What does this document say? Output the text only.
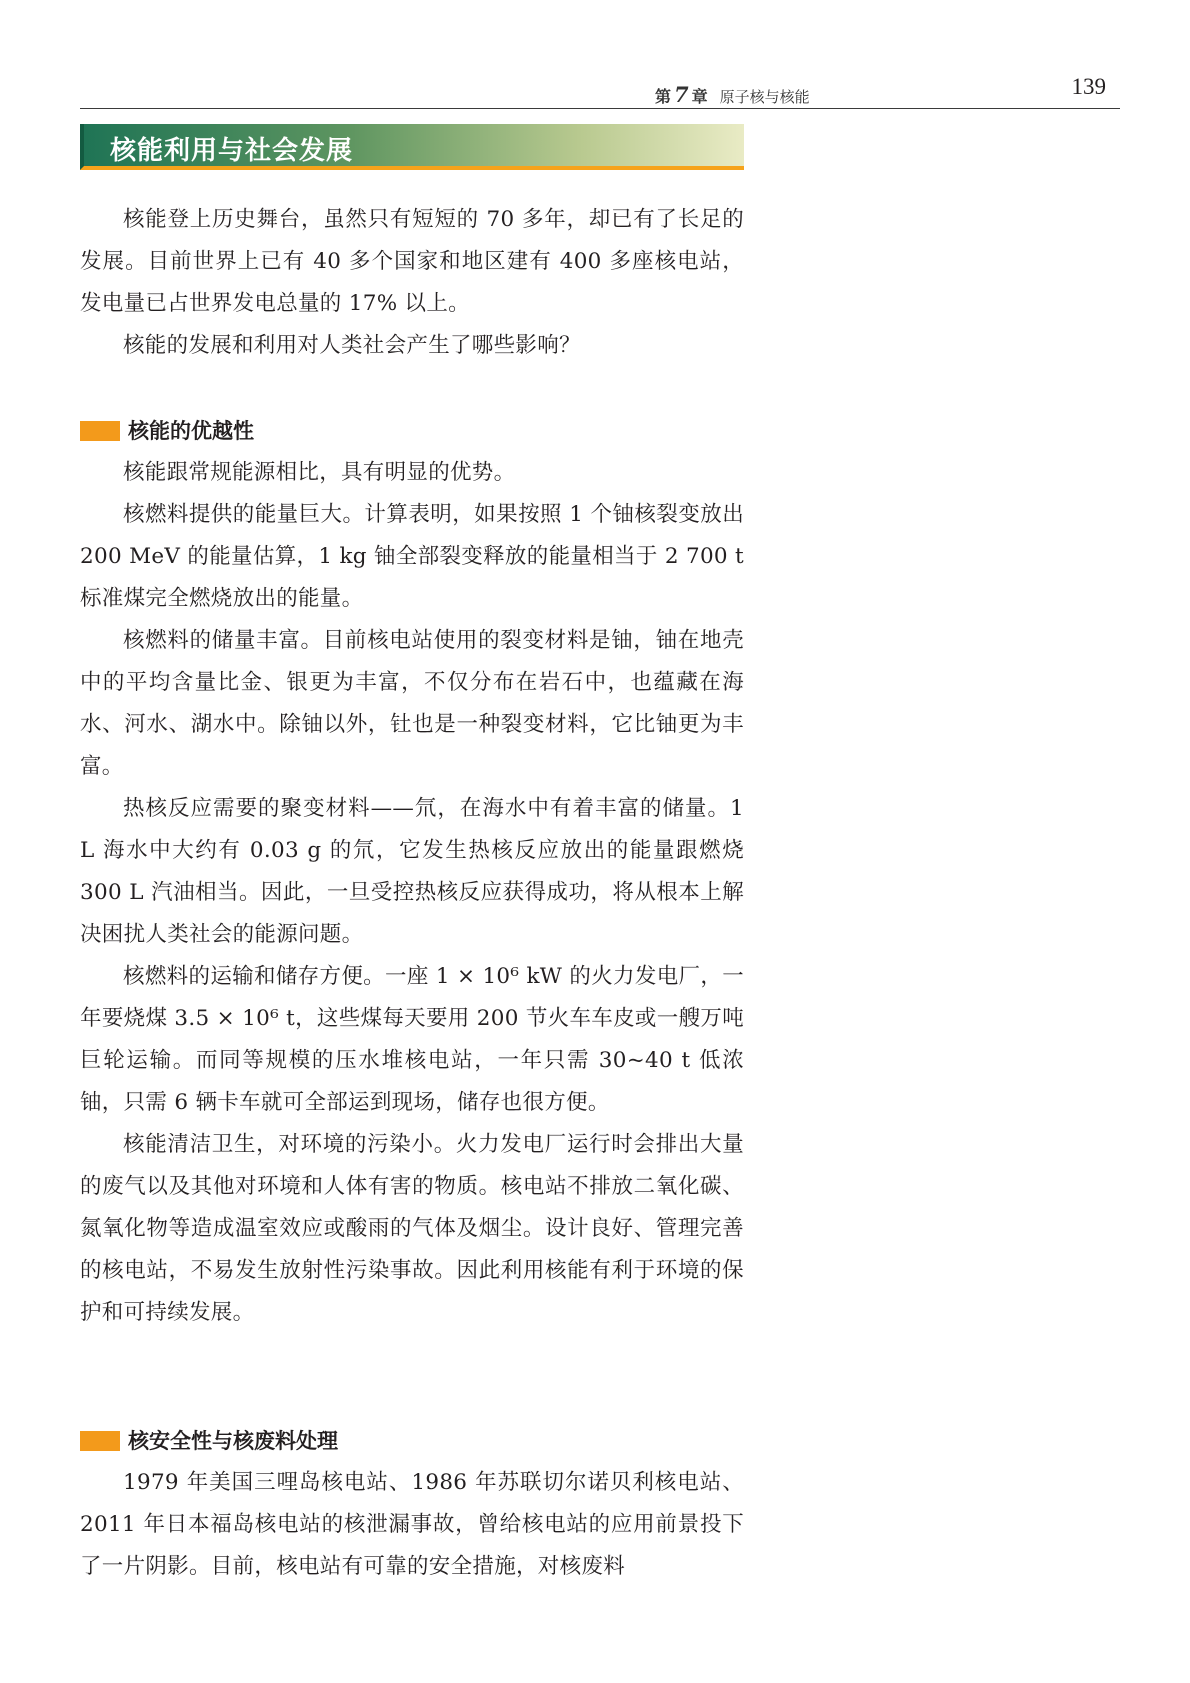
第 7 章 原子核与核能	139
核能利用与社会发展

核能登上历史舞台，虽然只有短短的 70 多年，却已有了长足的发展。目前世界上已有 40 多个国家和地区建有 400 多座核电站，发电量已占世界发电总量的 17% 以上。

核能的发展和利用对人类社会产生了哪些影响？

核能的优越性

核能跟常规能源相比，具有明显的优势。

核燃料提供的能量巨大。计算表明，如果按照 1 个铀核裂变放出 200 MeV 的能量估算，1 kg 铀全部裂变释放的能量相当于 2 700 t 标准煤完全燃烧放出的能量。

核燃料的储量丰富。目前核电站使用的裂变材料是铀，铀在地壳中的平均含量比金、银更为丰富，不仅分布在岩石中，也蕴藏在海水、河水、湖水中。除铀以外，钍也是一种裂变材料，它比铀更为丰富。

热核反应需要的聚变材料——氘，在海水中有着丰富的储量。1 L 海水中大约有 0.03 g 的氘，它发生热核反应放出的能量跟燃烧 300 L 汽油相当。因此，一旦受控热核反应获得成功，将从根本上解决困扰人类社会的能源问题。

核燃料的运输和储存方便。一座 1 × 10⁶ kW 的火力发电厂，一年要烧煤 3.5 × 10⁶ t，这些煤每天要用 200 节火车车皮或一艘万吨巨轮运输。而同等规模的压水堆核电站，一年只需 30~40 t 低浓铀，只需 6 辆卡车就可全部运到现场，储存也很方便。

核能清洁卫生，对环境的污染小。火力发电厂运行时会排出大量的废气以及其他对环境和人体有害的物质。核电站不排放二氧化碳、氮氧化物等造成温室效应或酸雨的气体及烟尘。设计良好、管理完善的核电站，不易发生放射性污染事故。因此利用核能有利于环境的保护和可持续发展。

核安全性与核废料处理

1979 年美国三哩岛核电站、1986 年苏联切尔诺贝利核电站、2011 年日本福岛核电站的核泄漏事故，曾给核电站的应用前景投下了一片阴影。目前，核电站有可靠的安全措施，对核废料
